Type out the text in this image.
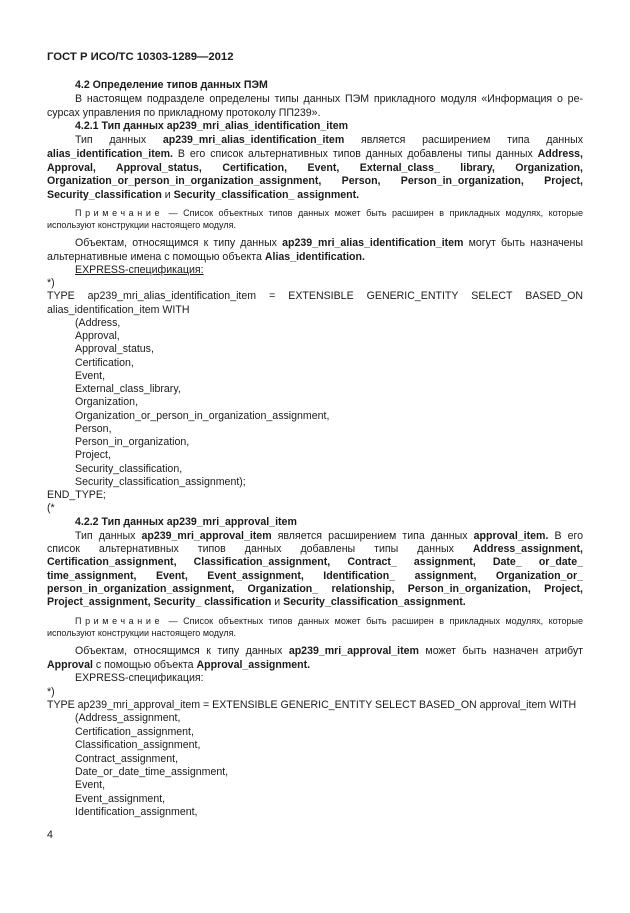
ГОСТ Р ИСО/ТС 10303-1289—2012
4.2 Определение типов данных ПЭМ
В настоящем подразделе определены типы данных ПЭМ прикладного модуля «Информация о ре-
сурсах управления по прикладному протоколу ПП239».
4.2.1 Тип данных ap239_mri_alias_identification_item
Тип данных ap239_mri_alias_identification_item является расширением типа данных
alias_identification_item. В его список альтернативных типов данных добавлены типы данных Address,
Approval, Approval_status, Certification, Event, External_class_ library, Organization,
Organization_or_person_in_organization_assignment, Person, Person_in_organization, Project,
Security_classification и Security_classification_ assignment.
Примечание — Список объектных типов данных может быть расширен в прикладных модулях, которые
используют конструкции настоящего модуля.
Объектам, относящимся к типу данных ap239_mri_alias_identification_item могут быть назначены
альтернативные имена с помощью объекта Alias_identification.
EXPRESS-спецификация:
*)
TYPE ap239_mri_alias_identification_item = EXTENSIBLE GENERIC_ENTITY SELECT BASED_ON
alias_identification_item WITH
(Address,
Approval,
Approval_status,
Certification,
Event,
External_class_library,
Organization,
Organization_or_person_in_organization_assignment,
Person,
Person_in_organization,
Project,
Security_classification,
Security_classification_assignment);
END_TYPE;
(*
4.2.2 Тип данных ap239_mri_approval_item
Тип данных ap239_mri_approval_item является расширением типа данных approval_item. В его
список альтернативных типов данных добавлены типы данных Address_assignment,
Certification_assignment, Classification_assignment, Contract_ assignment, Date_ or_date_
time_assignment, Event, Event_assignment, Identification_ assignment, Organization_or_
person_in_organization_assignment, Organization_ relationship, Person_in_organization, Project,
Project_assignment, Security_ classification и Security_classification_assignment.
Примечание — Список объектных типов данных может быть расширен в прикладных модулях, которые
используют конструкции настоящего модуля.
Объектам, относящимся к типу данных ap239_mri_approval_item может быть назначен атрибут
Approval с помощью объекта Approval_assignment.
EXPRESS-спецификация:
*)
TYPE ap239_mri_approval_item = EXTENSIBLE GENERIC_ENTITY SELECT BASED_ON approval_item WITH
(Address_assignment,
Certification_assignment,
Classification_assignment,
Contract_assignment,
Date_or_date_time_assignment,
Event,
Event_assignment,
Identification_assignment,
4
